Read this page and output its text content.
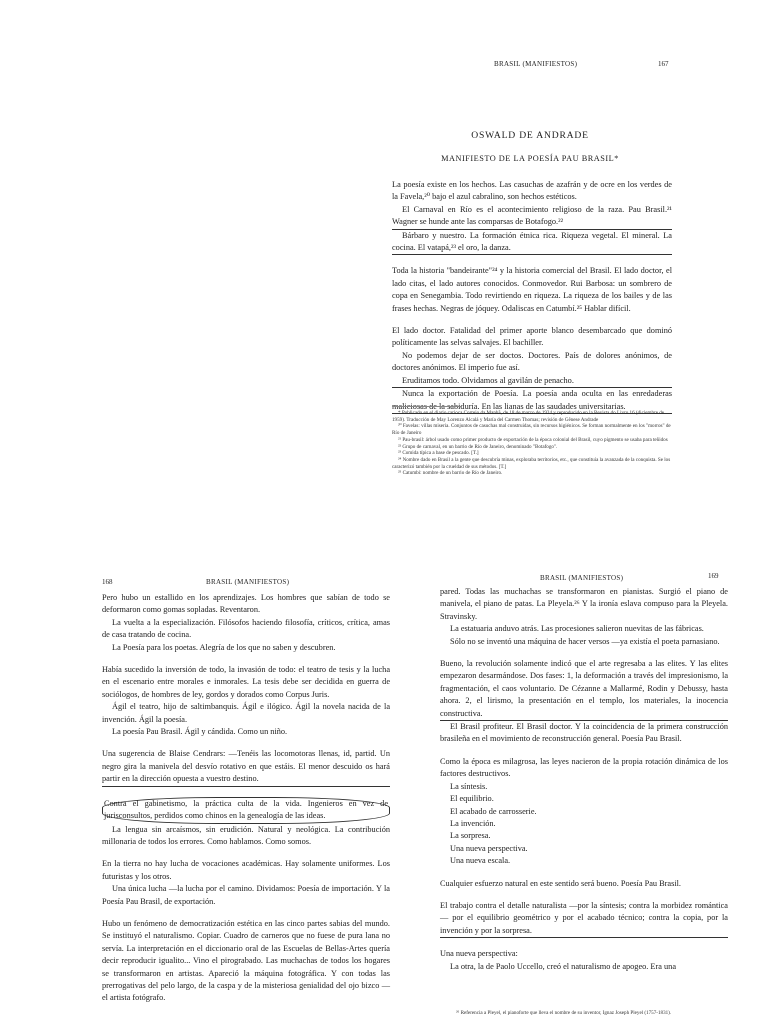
BRASIL (MANIFIESTOS)	167
OSWALD DE ANDRADE
MANIFIESTO DE LA POESÍA PAU BRASIL*

La poesía existe en los hechos. Las casuchas de azafrán y de ocre en los verdes de la Favela,²⁰ bajo el azul cabralino, son hechos estéticos.

El Carnaval en Río es el acontecimiento religioso de la raza. Pau Brasil.²¹ Wagner se hunde ante las comparsas de Botafogo.²²

Bárbaro y nuestro. La formación étnica rica. Riqueza vegetal. El mineral. La cocina. El vatapá,²³ el oro, la danza.

Toda la historia "bandeirante"²⁴ y la historia comercial del Brasil. El lado doctor, el lado citas, el lado autores conocidos. Conmovedor. Rui Barbosa: un sombrero de copa en Senegambia. Todo revirtiendo en riqueza. La riqueza de los bailes y de las frases hechas. Negras de jóquey. Odaliscas en Catumbí.²⁵ Hablar difícil.

El lado doctor. Fatalidad del primer aporte blanco desembarcado que dominó políticamente las selvas salvajes. El bachiller.

No podemos dejar de ser doctos. Doctores. País de dolores anónimos, de doctores anónimos. El imperio fue así.

Eruditamos todo. Olvidamos al gavilán de penacho.

Nunca la exportación de Poesía. La poesía anda oculta en las enredaderas maliciosas de la sabiduría. En las lianas de las saudades universitarias.

* Publicado en el diario carioca Correio da Manhã, de 18 de marzo de 1924 y reproducido en la Revista do Livro 16 (diciembre de 1959). Traducción de May Lorenzo Alcalá y María del Carmen Thomas; revisión de Gênese Andrade

²⁰ Favelas: villas miseria. Conjuntos de casuchas mal construidas, sin recursos higiénicos. Se forman normalmente en los "morros" de Río de Janeiro

²¹ Pau-brasil: árbol usado como primer producto de exportación de la época colonial del Brasil, cuyo pigmento se usaba para teñidos

²² Grupo de carnaval, en un barrio de Río de Janeiro, denominado "Botafogo".

²³ Comida típica a base de pescado. [T.]

²⁴ Nombre dado en Brasil a la gente que descubría minas, exploraba territorios, etc., que constituía la avanzada de la conquista. Se los caracterizó también por la crueldad de sus métodos. [T.]

²⁵ Catumbí: nombre de un barrio de Río de Janeiro.

168	BRASIL (MANIFIESTOS)

Pero hubo un estallido en los aprendizajes. Los hombres que sabían de todo se deformaron como gomas sopladas. Reventaron.

La vuelta a la especialización. Filósofos haciendo filosofía, críticos, crítica, amas de casa tratando de cocina.

La Poesía para los poetas. Alegría de los que no saben y descubren.

Había sucedido la inversión de todo, la invasión de todo: el teatro de tesis y la lucha en el escenario entre morales e inmorales. La tesis debe ser decidida en guerra de sociólogos, de hombres de ley, gordos y dorados como Corpus Juris.

Ágil el teatro, hijo de saltimbanquis. Ágil e ilógico. Ágil la novela nacida de la invención. Ágil la poesía.

La poesía Pau Brasil. Ágil y cándida. Como un niño.

Una sugerencia de Blaise Cendrars: —Tenéis las locomotoras llenas, id, partid. Un negro gira la manivela del desvío rotativo en que estáis. El menor descuido os hará partir en la dirección opuesta a vuestro destino.

Contra el gabinetismo, la práctica culta de la vida. Ingenieros en vez de jurisconsultos, perdidos como chinos en la genealogía de las ideas.

La lengua sin arcaísmos, sin erudición. Natural y neológica. La contribución millonaria de todos los errores. Como hablamos. Como somos.

En la tierra no hay lucha de vocaciones académicas. Hay solamente uniformes. Los futuristas y los otros.

Una única lucha —la lucha por el camino. Dividamos: Poesía de importación. Y la Poesía Pau Brasil, de exportación.

Hubo un fenómeno de democratización estética en las cinco partes sabias del mundo. Se instituyó el naturalismo. Copiar. Cuadro de carneros que no fuese de pura lana no servía. La interpretación en el diccionario oral de las Escuelas de Bellas-Artes quería decir reproducir igualito... Vino el pirograbado. Las muchachas de todos los hogares se transformaron en artistas. Apareció la máquina fotográfica. Y con todas las prerrogativas del pelo largo, de la caspa y de la misteriosa genialidad del ojo bizco —el artista fotógrafo.

BRASIL (MANIFIESTOS)	169

pared. Todas las muchachas se transformaron en pianistas. Surgió el piano de manivela, el piano de patas. La Pleyela.²⁶ Y la ironía eslava compuso para la Pleyela. Stravinsky.

La estatuaria anduvo atrás. Las procesiones salieron nuevitas de las fábricas.

Sólo no se inventó una máquina de hacer versos —ya existía el poeta parnasiano.

Bueno, la revolución solamente indicó que el arte regresaba a las elites. Y las elites empezaron desarmándose. Dos fases: 1, la deformación a través del impresionismo, la fragmentación, el caos voluntario. De Cézanne a Mallarmé, Rodin y Debussy, hasta ahora. 2, el lirismo, la presentación en el templo, los materiales, la inocencia constructiva.

El Brasil profiteur. El Brasil doctor. Y la coincidencia de la primera construcción brasileña en el movimiento de reconstrucción general. Poesía Pau Brasil.

Como la época es milagrosa, las leyes nacieron de la propia rotación dinámica de los factores destructivos.

La síntesis.

El equilibrio.

El acabado de carrosserie.

La invención.

La sorpresa.

Una nueva perspectiva.

Una nueva escala.

Cualquier esfuerzo natural en este sentido será bueno. Poesía Pau Brasil.

El trabajo contra el detalle naturalista —por la síntesis; contra la morbidez romántica— por el equilibrio geométrico y por el acabado técnico; contra la copia, por la invención y por la sorpresa.

Una nueva perspectiva:

La otra, la de Paolo Uccello, creó el naturalismo de apogeo. Era una

²⁶ Referencia a Pleyel, el pianoforte que lleva el nombre de su inventor, Ignaz Joseph Pleyel (1757-1831).
